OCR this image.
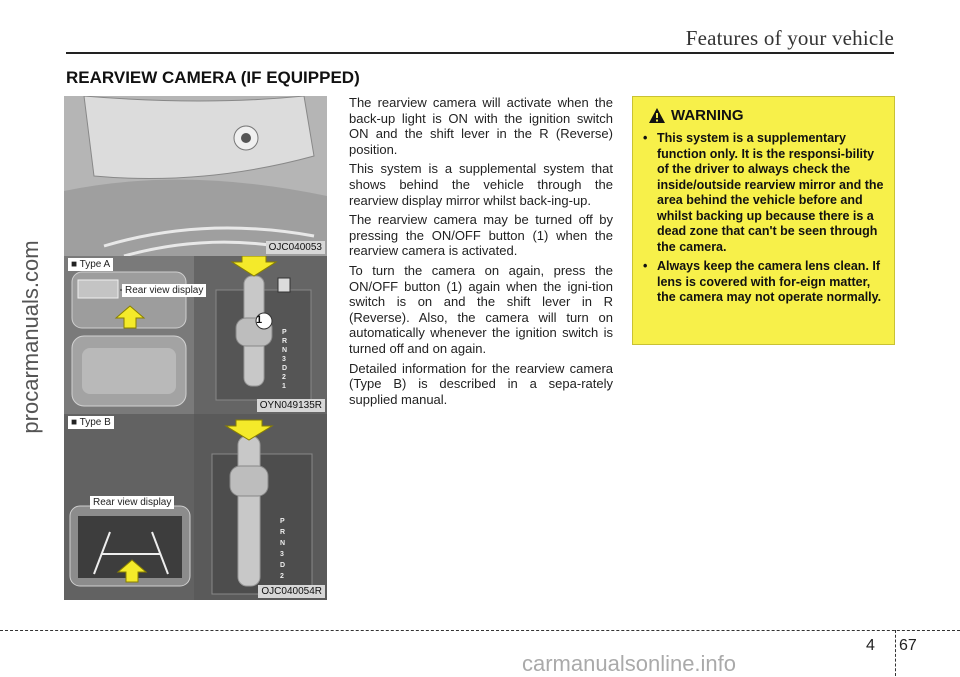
Features of your vehicle
procarmanuals.com
REARVIEW CAMERA (IF EQUIPPED)
OJC040053
■ Type A
Rear view display
1
P
R
N
3
D
2
1
OYN049135R
■ Type B
Rear view display
P
R
N
3
D
2
OJC040054R

The rearview camera will activate when the back-up light is ON with the ignition switch ON and the shift lever in the R (Reverse) position.

This system is a supplemental system that shows behind the vehicle through the rearview display mirror whilst back-ing-up.

The rearview camera may be turned off by pressing the ON/OFF button (1) when the rearview camera is activated.

To turn the camera on again, press the ON/OFF button (1) again when the igni-tion switch is on and the shift lever in R (Reverse). Also, the camera will turn on automatically whenever the ignition switch is turned off and on again.

Detailed information for the rearview camera (Type B) is described in a sepa-rately supplied manual.

WARNING
• This system is a supplementary function only. It is the responsi-bility of the driver to always check the inside/outside rearview mirror and the area behind the vehicle before and whilst backing up because there is a dead zone that can't be seen through the camera.
• Always keep the camera lens clean. If lens is covered with for-eign matter, the camera may not operate normally.
4 67
carmanualsonline.info
